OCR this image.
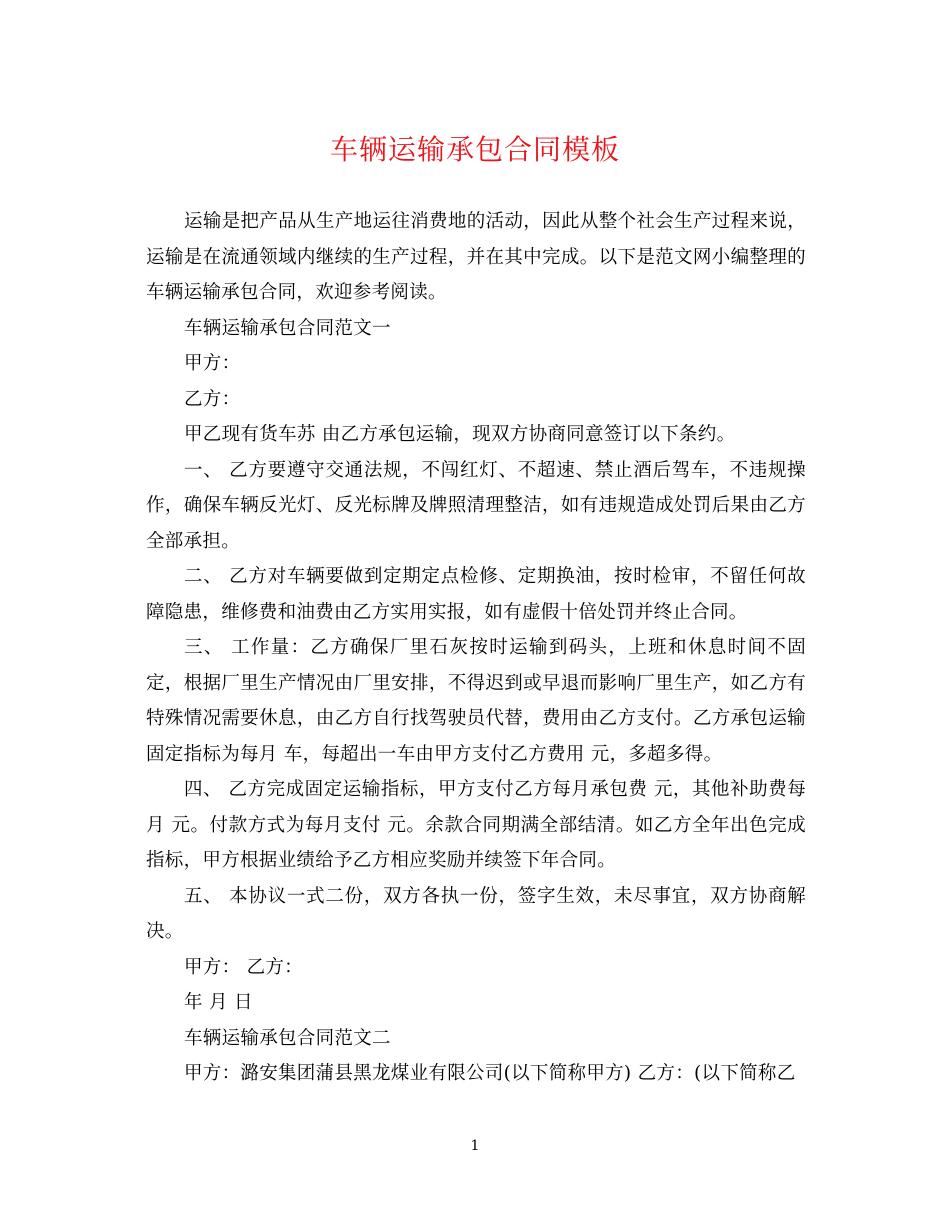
车辆运输承包合同模板

运输是把产品从生产地运往消费地的活动，因此从整个社会生产过程来说，运输是在流通领域内继续的生产过程，并在其中完成。以下是范文网小编整理的车辆运输承包合同，欢迎参考阅读。

车辆运输承包合同范文一

甲方：

乙方：

甲乙现有货车苏 由乙方承包运输，现双方协商同意签订以下条约。

一、 乙方要遵守交通法规，不闯红灯、不超速、禁止酒后驾车，不违规操作，确保车辆反光灯、反光标牌及牌照清理整洁，如有违规造成处罚后果由乙方全部承担。

二、 乙方对车辆要做到定期定点检修、定期换油，按时检审，不留任何故障隐患，维修费和油费由乙方实用实报，如有虚假十倍处罚并终止合同。

三、 工作量：乙方确保厂里石灰按时运输到码头，上班和休息时间不固定，根据厂里生产情况由厂里安排，不得迟到或早退而影响厂里生产，如乙方有特殊情况需要休息，由乙方自行找驾驶员代替，费用由乙方支付。乙方承包运输固定指标为每月 车，每超出一车由甲方支付乙方费用 元，多超多得。

四、 乙方完成固定运输指标，甲方支付乙方每月承包费 元，其他补助费每月 元。付款方式为每月支付 元。余款合同期满全部结清。如乙方全年出色完成指标，甲方根据业绩给予乙方相应奖励并续签下年合同。

五、 本协议一式二份，双方各执一份，签字生效，未尽事宜，双方协商解决。

甲方： 乙方：

年 月 日

车辆运输承包合同范文二

甲方：潞安集团蒲县黑龙煤业有限公司(以下简称甲方) 乙方：(以下简称乙

1
